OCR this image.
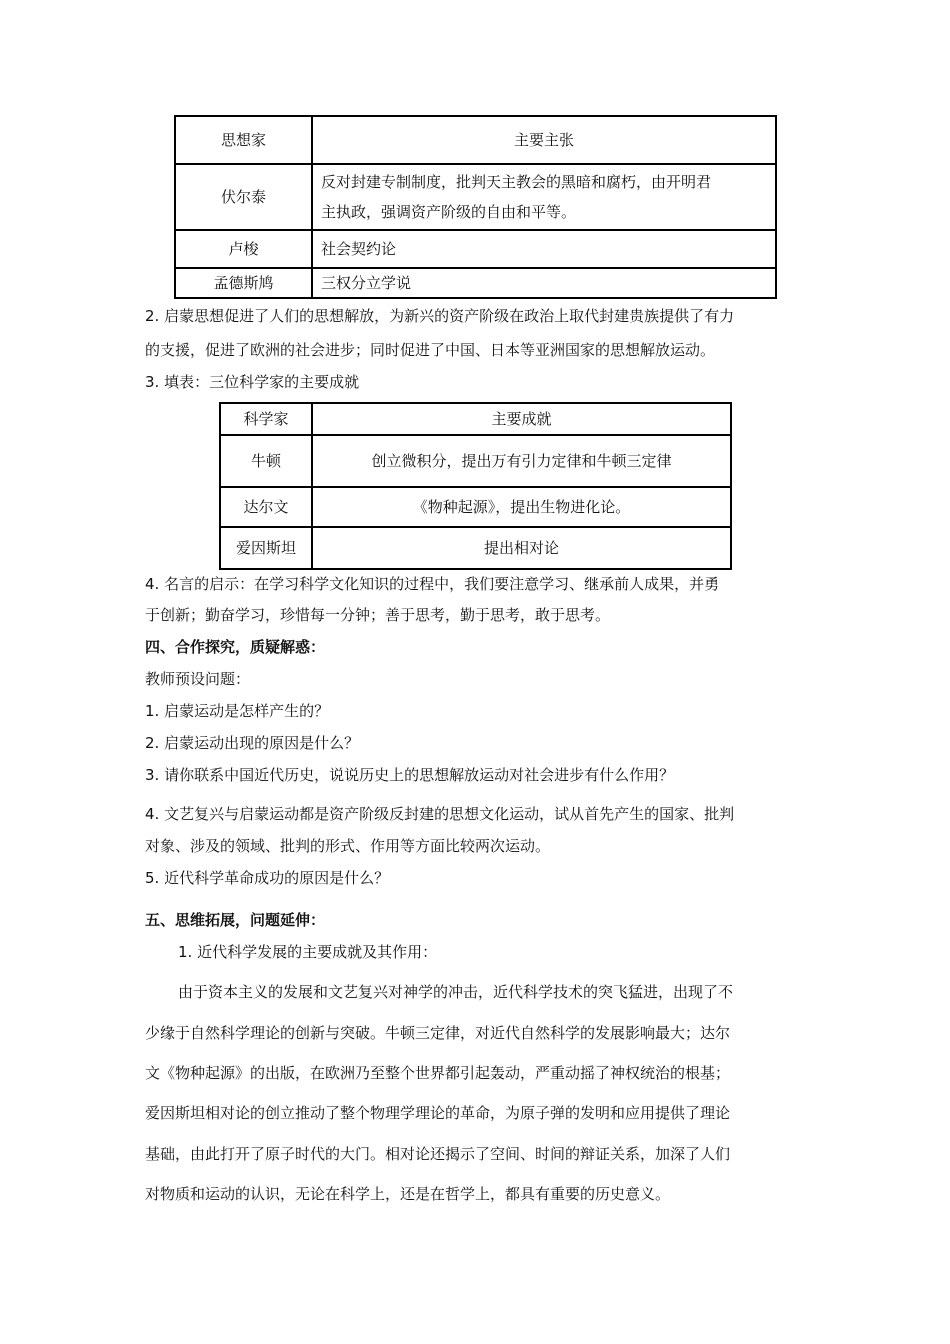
思想家	主要主张
伏尔泰	反对封建专制制度，批判天主教会的黑暗和腐朽，由开明君
主执政，强调资产阶级的自由和平等。

卢梭	社会契约论
孟德斯鸠	三权分立学说
2. 启蒙思想促进了人们的思想解放，为新兴的资产阶级在政治上取代封建贵族提供了有力
的支援，促进了欧洲的社会进步；同时促进了中国、日本等亚洲国家的思想解放运动。
3. 填表：三位科学家的主要成就
科学家	主要成就
牛顿	创立微积分，提出万有引力定律和牛顿三定律
达尔文	《物种起源》，提出生物进化论。
爱因斯坦	提出相对论
4. 名言的启示：在学习科学文化知识的过程中，我们要注意学习、继承前人成果，并勇
于创新；勤奋学习，珍惜每一分钟；善于思考，勤于思考，敢于思考。
四、合作探究，质疑解惑：
教师预设问题：
1. 启蒙运动是怎样产生的？
2. 启蒙运动出现的原因是什么？
3. 请你联系中国近代历史，说说历史上的思想解放运动对社会进步有什么作用？
4. 文艺复兴与启蒙运动都是资产阶级反封建的思想文化运动，试从首先产生的国家、批判
对象、涉及的领域、批判的形式、作用等方面比较两次运动。
5. 近代科学革命成功的原因是什么？
五、思维拓展，问题延伸：
1. 近代科学发展的主要成就及其作用：
由于资本主义的发展和文艺复兴对神学的冲击，近代科学技术的突飞猛进，出现了不
少缘于自然科学理论的创新与突破。牛顿三定律，对近代自然科学的发展影响最大；达尔
文《物种起源》的出版，在欧洲乃至整个世界都引起轰动，严重动摇了神权统治的根基；
爱因斯坦相对论的创立推动了整个物理学理论的革命，为原子弹的发明和应用提供了理论
基础，由此打开了原子时代的大门。相对论还揭示了空间、时间的辩证关系，加深了人们
对物质和运动的认识，无论在科学上，还是在哲学上，都具有重要的历史意义。
